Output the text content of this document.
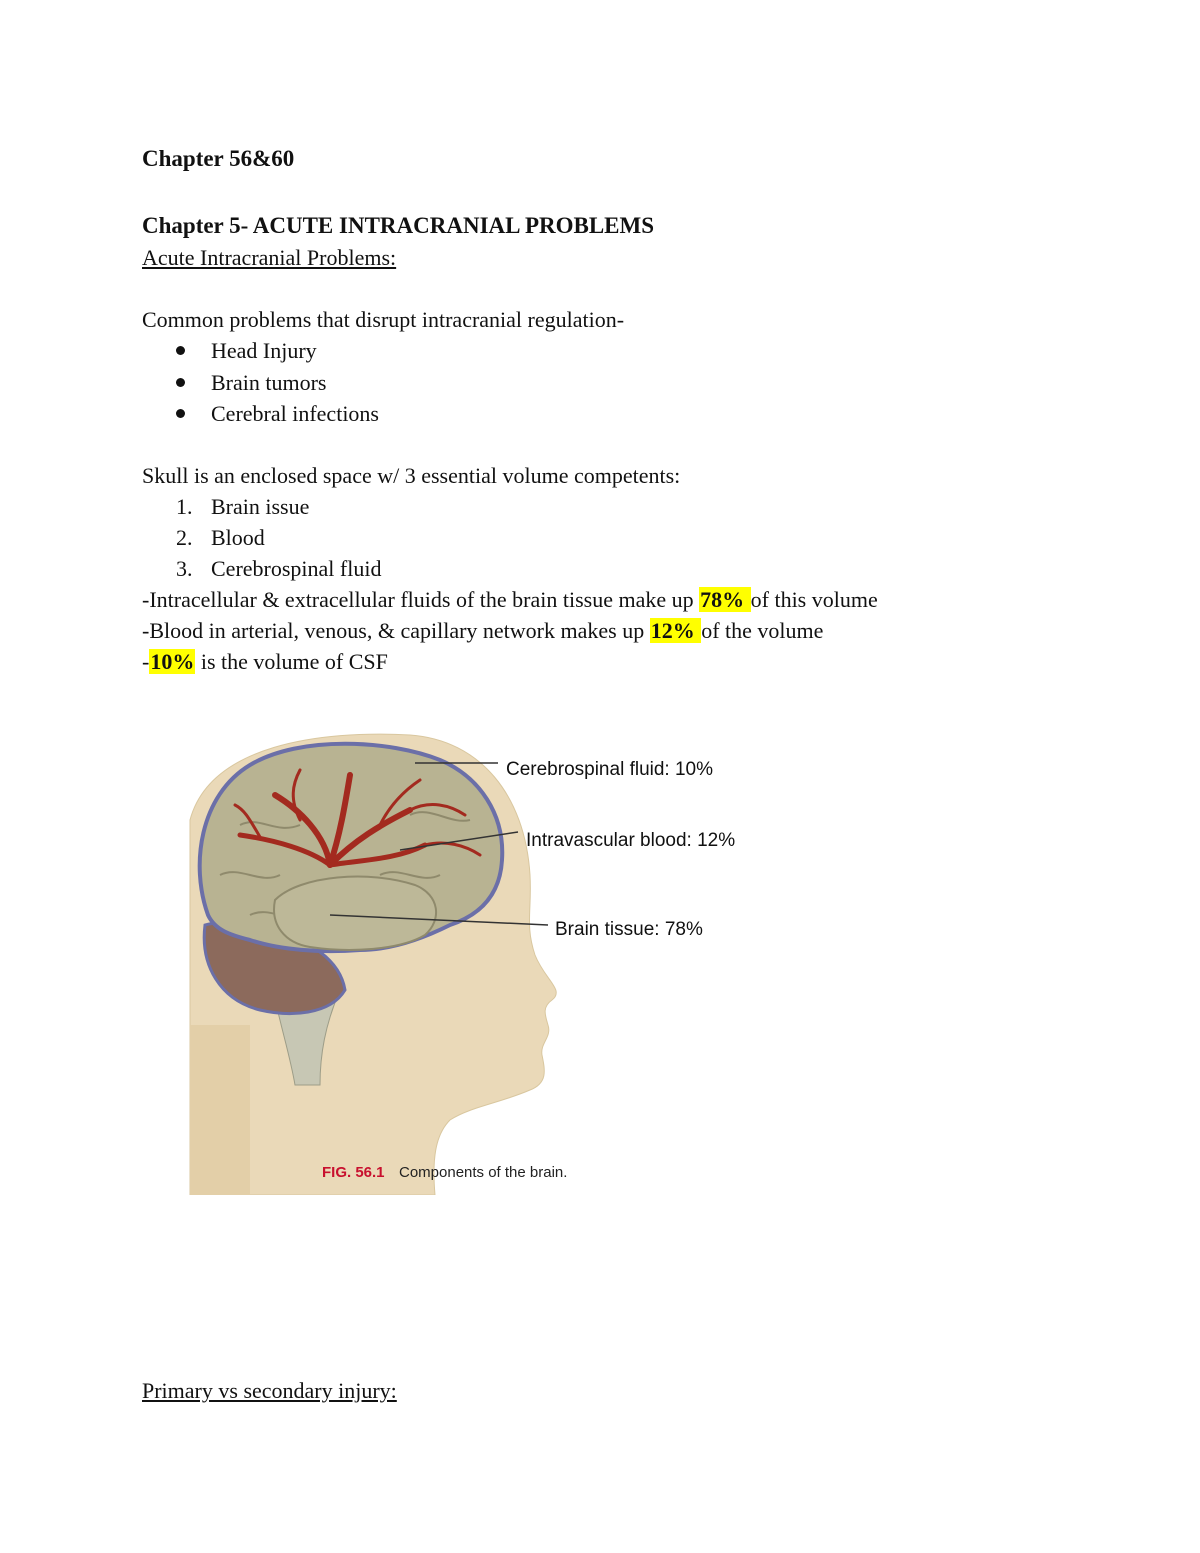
Chapter 56&60
Chapter 5- ACUTE INTRACRANIAL PROBLEMS
Acute Intracranial Problems:
Common problems that disrupt intracranial regulation-
Head Injury
Brain tumors
Cerebral infections
Skull is an enclosed space w/ 3 essential volume competents:
1. Brain issue
2. Blood
3. Cerebrospinal fluid
-Intracellular & extracellular fluids of the brain tissue make up 78% of this volume
-Blood in arterial, venous, & capillary network makes up 12% of the volume
-10% is the volume of CSF
Cerebrospinal fluid: 10%
Intravascular blood: 12%
Brain tissue: 78%
FIG. 56.1 Components of the brain.
Primary vs secondary injury:
